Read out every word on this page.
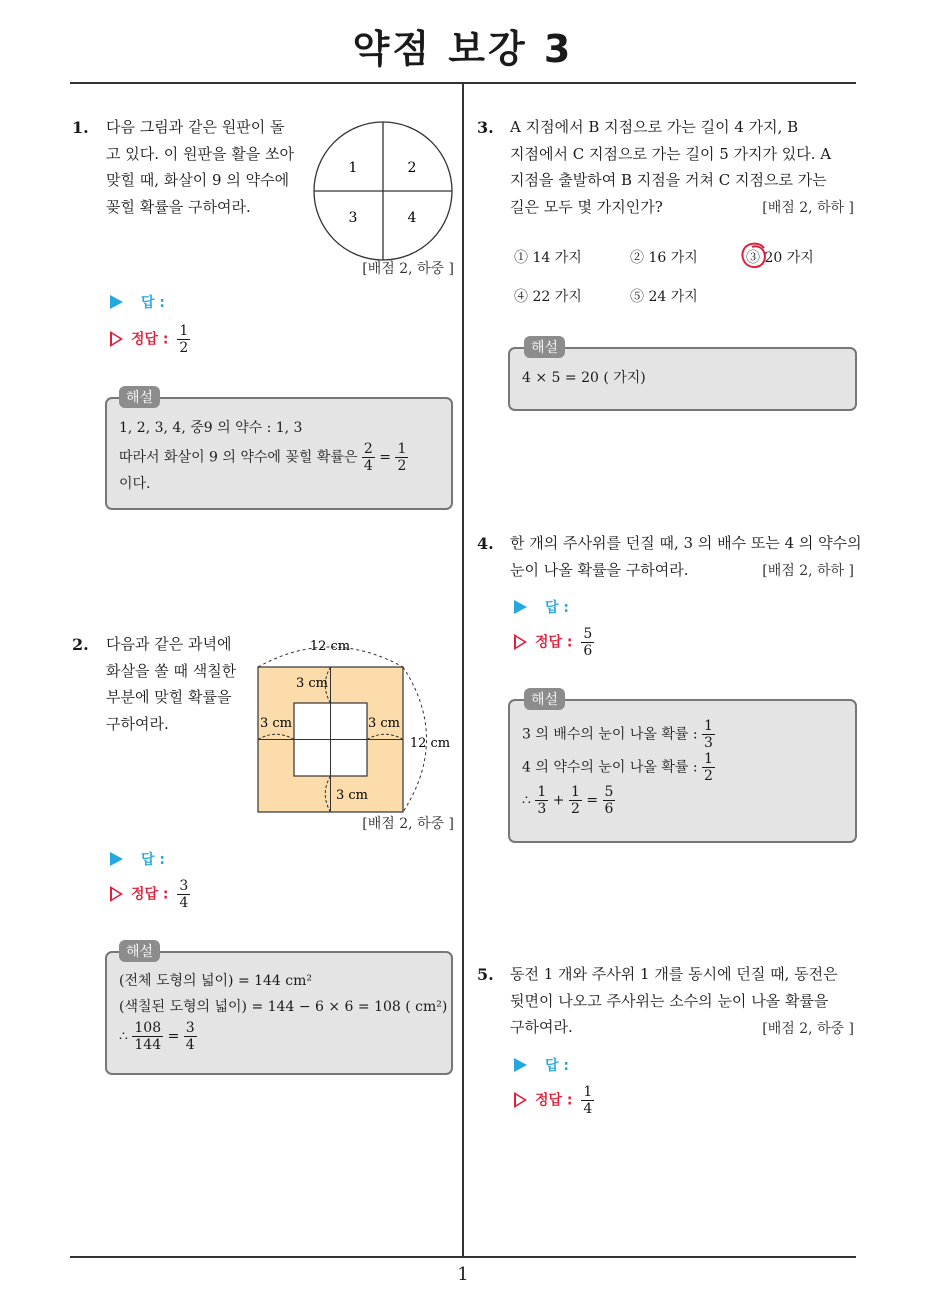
약점 보강 3
1
1. 다음 그림과 같은 원판이 돌
고 있다. 이 원판을 활을 쏘아
맞힐 때, 화살이 9 의 약수에
꽂힐 확률을 구하여라.
1	2
3	4
[배점 2, 하중 ]
답 :
정답 : $\frac{1}{2}$
해설
1, 2, 3, 4, 중9 의 약수 : 1, 3
따라서 화살이 9 의 약수에 꽂힐 확률은 $\frac{2}{4} = \frac{1}{2}$
이다.
2. 다음과 같은 과녁에
화살을 쏠 때 색칠한
부분에 맞힐 확률을
구하여라.
12 cm
12 cm
3 cm
3 cm	3 cm
3 cm
[배점 2, 하중 ]
답 :
정답 : $\frac{3}{4}$
해설
(전체 도형의 넓이) = 144 cm²
(색칠된 도형의 넓이) = 144 − 6 × 6 = 108 ( cm²)
∴ $\frac{108}{144} = \frac{3}{4}$
3. A 지점에서 B 지점으로 가는 길이 4 가지, B
지점에서 C 지점으로 가는 길이 5 가지가 있다. A
지점을 출발하여 B 지점을 거쳐 C 지점으로 가는
길은 모두 몇 가지인가?	[배점 2, 하하 ]
① 14 가지	② 16 가지	③ 20 가지
④ 22 가지	⑤ 24 가지
해설
4 × 5 = 20 ( 가지)
4. 한 개의 주사위를 던질 때, 3 의 배수 또는 4 의 약수의
눈이 나올 확률을 구하여라.	[배점 2, 하하 ]
답 :
정답 : $\frac{5}{6}$
해설
3 의 배수의 눈이 나올 확률 : $\frac{1}{3}$
4 의 약수의 눈이 나올 확률 : $\frac{1}{2}$
∴ $\frac{1}{3} + \frac{1}{2} = \frac{5}{6}$
5. 동전 1 개와 주사위 1 개를 동시에 던질 때, 동전은
뒷면이 나오고 주사위는 소수의 눈이 나올 확률을
구하여라.	[배점 2, 하중 ]
답 :
정답 : $\frac{1}{4}$
